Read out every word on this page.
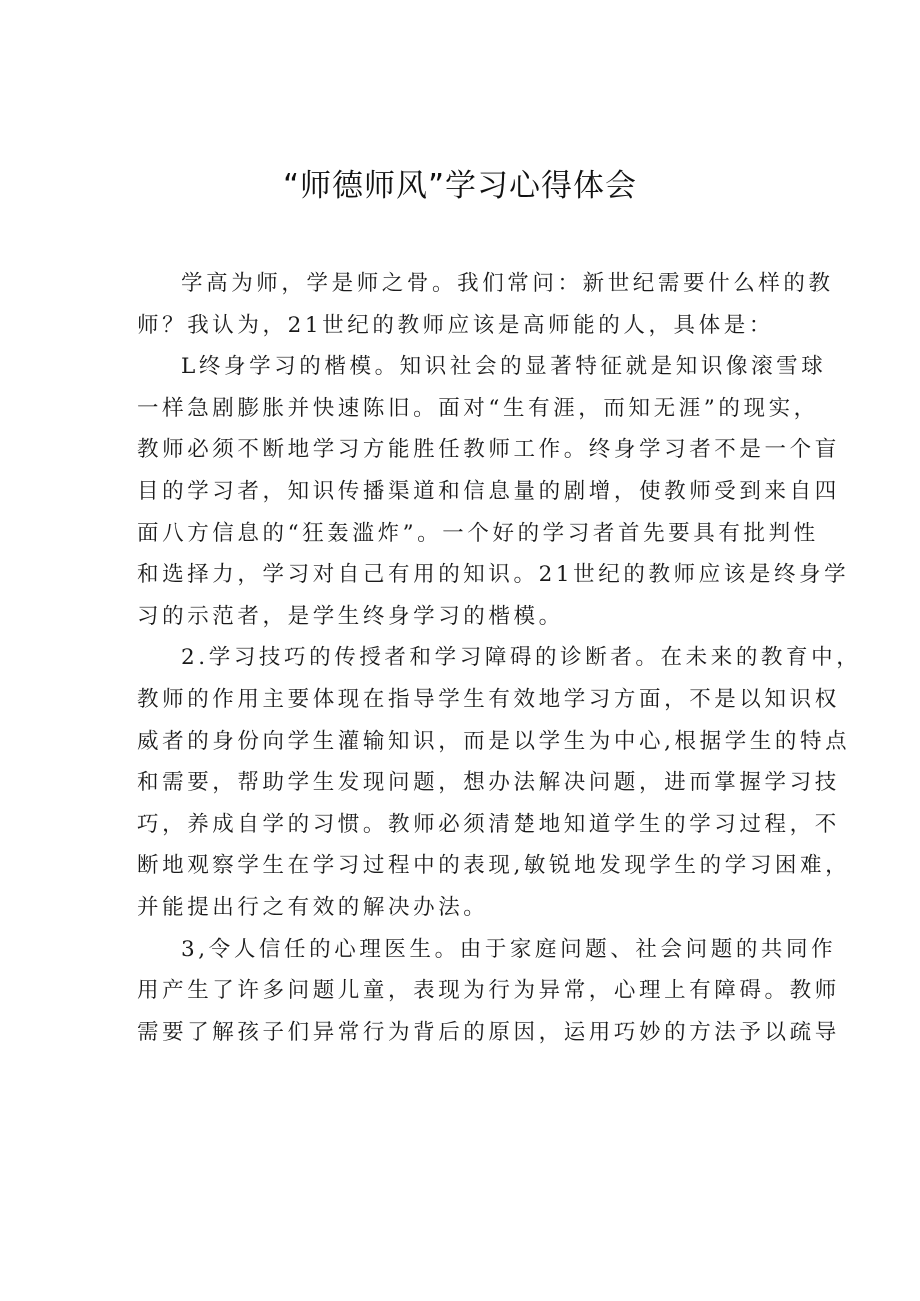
“师德师风”学习心得体会
学高为师，学是师之骨。我们常问：新世纪需要什么样的教
师？我认为，21世纪的教师应该是高师能的人，具体是：
L终身学习的楷模。知识社会的显著特征就是知识像滚雪球
一样急剧膨胀并快速陈旧。面对“生有涯，而知无涯”的现实，
教师必须不断地学习方能胜任教师工作。终身学习者不是一个盲
目的学习者，知识传播渠道和信息量的剧增，使教师受到来自四
面八方信息的“狂轰滥炸”。一个好的学习者首先要具有批判性
和选择力，学习对自己有用的知识。21世纪的教师应该是终身学
习的示范者，是学生终身学习的楷模。
2.学习技巧的传授者和学习障碍的诊断者。在未来的教育中，
教师的作用主要体现在指导学生有效地学习方面，不是以知识权
威者的身份向学生灌输知识，而是以学生为中心,根据学生的特点
和需要，帮助学生发现问题，想办法解决问题，进而掌握学习技
巧，养成自学的习惯。教师必须清楚地知道学生的学习过程，不
断地观察学生在学习过程中的表现,敏锐地发现学生的学习困难，
并能提出行之有效的解决办法。
3,令人信任的心理医生。由于家庭问题、社会问题的共同作
用产生了许多问题儿童，表现为行为异常，心理上有障碍。教师
需要了解孩子们异常行为背后的原因，运用巧妙的方法予以疏导
